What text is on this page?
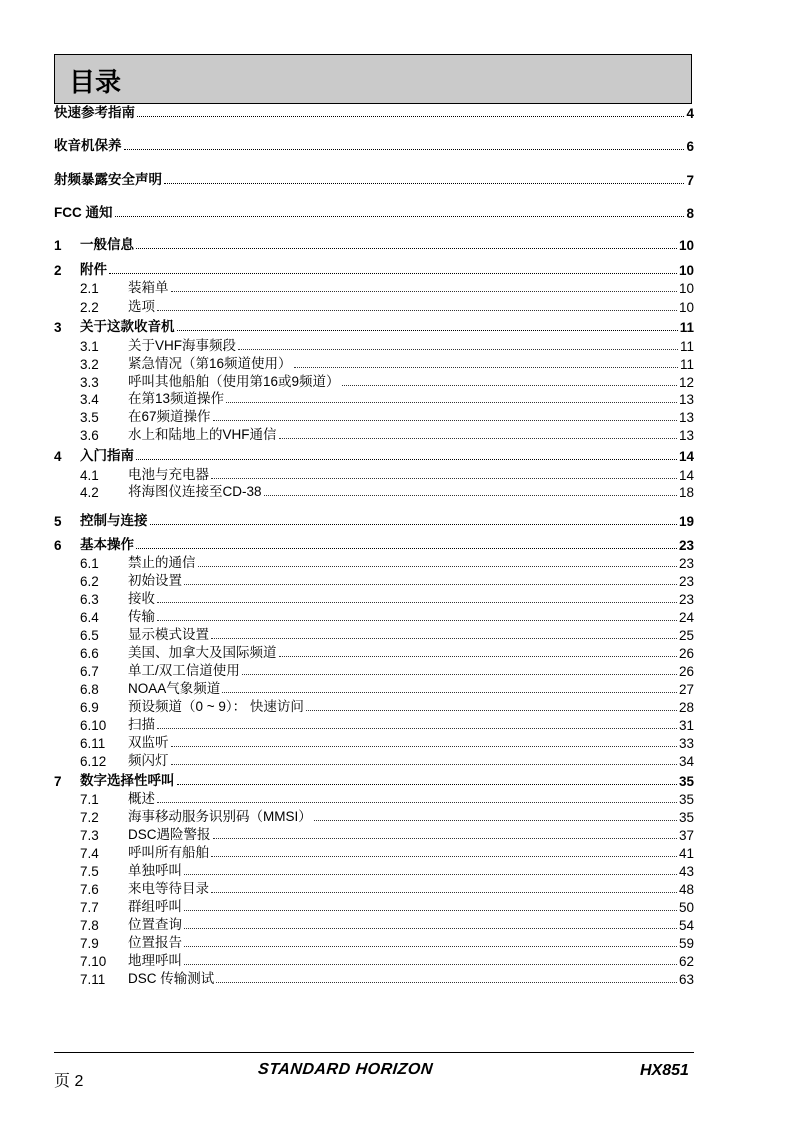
目录
快速参考指南	4
收音机保养	6
射频暴露安全声明	7
FCC 通知	8
1	一般信息	10
2	附件	10
2.1	装箱单	10
2.2	选项	10
3	关于这款收音机	11
3.1	关于VHF海事频段	11
3.2	紧急情况（第16频道使用）	11
3.3	呼叫其他船舶（使用第16或9频道）	12
3.4	在第13频道操作	13
3.5	在67频道操作	13
3.6	水上和陆地上的VHF通信	13
4	入门指南	14
4.1	电池与充电器	14
4.2	将海图仪连接至CD-38	18
5	控制与连接	19
6	基本操作	23
6.1	禁止的通信	23
6.2	初始设置	23
6.3	接收	23
6.4	传输	24
6.5	显示模式设置	25
6.6	美国、加拿大及国际频道	26
6.7	单工/双工信道使用	26
6.8	NOAA气象频道	27
6.9	预设频道（0 ~ 9）： 快速访问	28
6.10	扫描	31
6.11	双监听	33
6.12	频闪灯	34
7	数字选择性呼叫	35
7.1	概述	35
7.2	海事移动服务识别码（MMSI）	35
7.3	DSC遇险警报	37
7.4	呼叫所有船舶	41
7.5	单独呼叫	43
7.6	来电等待目录	48
7.7	群组呼叫	50
7.8	位置查询	54
7.9	位置报告	59
7.10	地理呼叫	62
7.11	DSC 传输测试	63
页 2
STANDARD HORIZON	HX851
